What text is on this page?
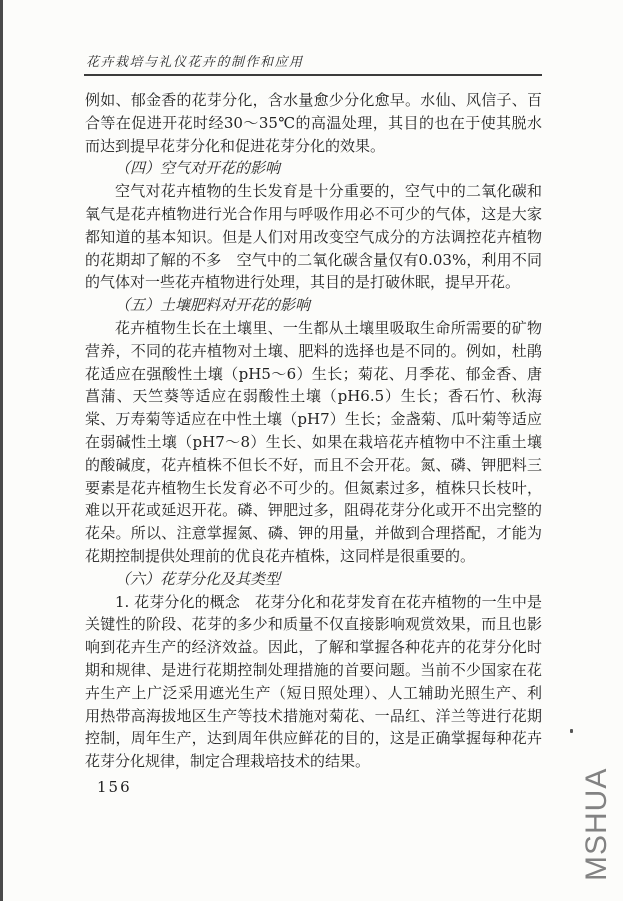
花卉栽培与礼仪花卉的制作和应用
例如、郁金香的花芽分化，含水量愈少分化愈早。水仙、风信子、百合等在促进开花时经30～35℃的高温处理，其目的也在于使其脱水而达到提早花芽分化和促进花芽分化的效果。
（四）空气对开花的影响
空气对花卉植物的生长发育是十分重要的，空气中的二氧化碳和氧气是花卉植物进行光合作用与呼吸作用必不可少的气体，这是大家都知道的基本知识。但是人们对用改变空气成分的方法调控花卉植物的花期却了解的不多　空气中的二氧化碳含量仅有0.03%，利用不同的气体对一些花卉植物进行处理，其目的是打破休眠，提早开花。
（五）土壤肥料对开花的影响
花卉植物生长在土壤里、一生都从土壤里吸取生命所需要的矿物营养，不同的花卉植物对土壤、肥料的选择也是不同的。例如，杜鹃花适应在强酸性土壤（pH5～6）生长；菊花、月季花、郁金香、唐菖蒲、天竺葵等适应在弱酸性土壤（pH6.5）生长；香石竹、秋海棠、万寿菊等适应在中性土壤（pH7）生长；金盏菊、瓜叶菊等适应在弱碱性土壤（pH7～8）生长、如果在栽培花卉植物中不注重土壤的酸碱度，花卉植株不但长不好，而且不会开花。氮、磷、钾肥料三要素是花卉植物生长发育必不可少的。但氮素过多，植株只长枝叶，难以开花或延迟开花。磷、钾肥过多，阻碍花芽分化或开不出完整的花朵。所以、注意掌握氮、磷、钾的用量，并做到合理搭配，才能为花期控制提供处理前的优良花卉植株，这同样是很重要的。
（六）花芽分化及其类型
1. 花芽分化的概念　花芽分化和花芽发育在花卉植物的一生中是关键性的阶段、花芽的多少和质量不仅直接影响观赏效果，而且也影响到花卉生产的经济效益。因此，了解和掌握各种花卉的花芽分化时期和规律、是进行花期控制处理措施的首要问题。当前不少国家在花卉生产上广泛采用遮光生产（短日照处理）、人工辅助光照生产、利用热带高海拔地区生产等技术措施对菊花、一品红、洋兰等进行花期控制，周年生产，达到周年供应鲜花的目的，这是正确掌握每种花卉花芽分化规律，制定合理栽培技术的结果。
156	MSHUA
